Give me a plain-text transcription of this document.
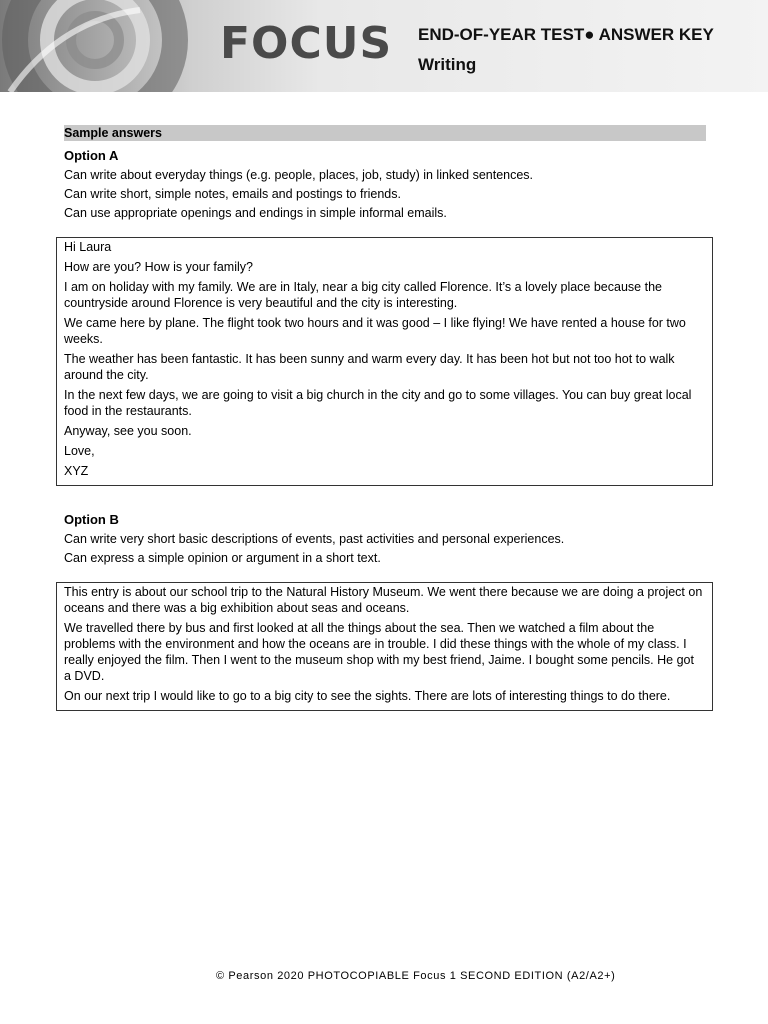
FOCUS END-OF-YEAR TEST● ANSWER KEY
Writing
Sample answers
Option A
Can write about everyday things (e.g. people, places, job, study) in linked sentences.
Can write short, simple notes, emails and postings to friends.
Can use appropriate openings and endings in simple informal emails.

Hi Laura

How are you? How is your family?

I am on holiday with my family. We are in Italy, near a big city called Florence. It’s a lovely place because the countryside around Florence is very beautiful and the city is interesting.

We came here by plane. The flight took two hours and it was good – I like flying! We have rented a house for two weeks.

The weather has been fantastic. It has been sunny and warm every day. It has been hot but not too hot to walk around the city.

In the next few days, we are going to visit a big church in the city and go to some villages. You can buy great local food in the restaurants.

Anyway, see you soon.

Love,

XYZ

Option B
Can write very short basic descriptions of events, past activities and personal experiences.
Can express a simple opinion or argument in a short text.

This entry is about our school trip to the Natural History Museum. We went there because we are doing a project on oceans and there was a big exhibition about seas and oceans.

We travelled there by bus and first looked at all the things about the sea. Then we watched a film about the problems with the environment and how the oceans are in trouble. I did these things with the whole of my class. I really enjoyed the film. Then I went to the museum shop with my best friend, Jaime. I bought some pencils. He got a DVD.

On our next trip I would like to go to a big city to see the sights. There are lots of interesting things to do there.

© Pearson 2020 PHOTOCOPIABLE Focus 1 SECOND EDITION (A2/A2+)
